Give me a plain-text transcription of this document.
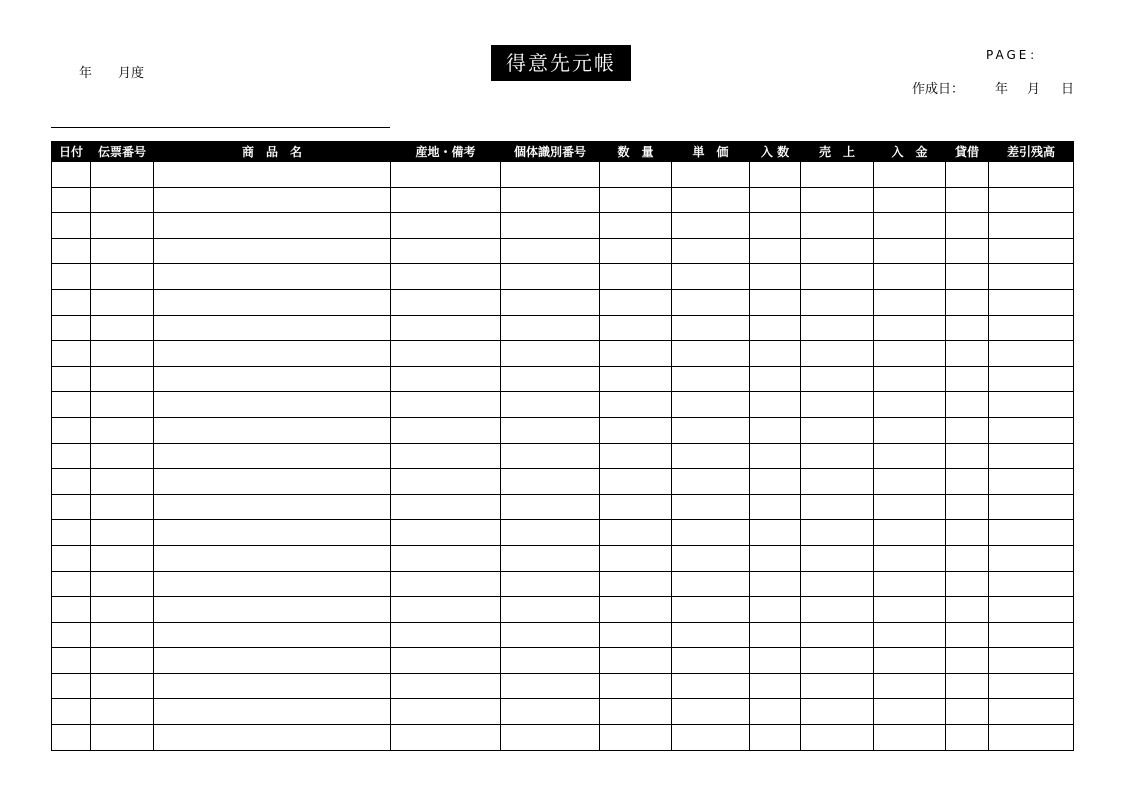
年 月度	得意先元帳	PAGE：
作成日： 年 月 日
日付	伝票番号	商　品　名	産地・備考	個体識別番号	数　量	単　価	入 数	売　上	入　金	貸借	差引残高
